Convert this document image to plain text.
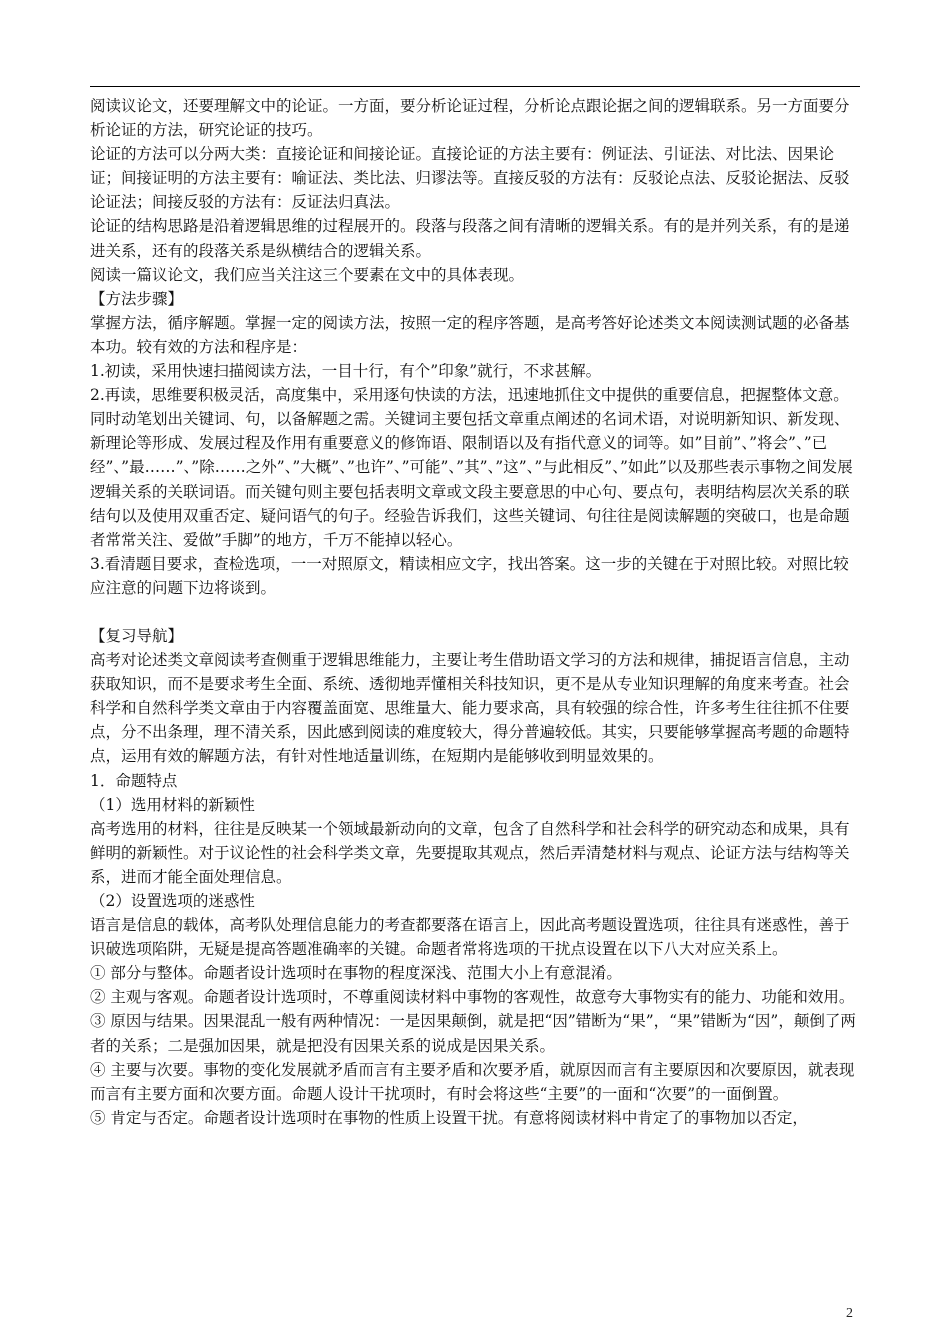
阅读议论文，还要理解文中的论证。一方面，要分析论证过程，分析论点跟论据之间的逻辑联系。另一方面要分析论证的方法，研究论证的技巧。

论证的方法可以分两大类：直接论证和间接论证。直接论证的方法主要有：例证法、引证法、对比法、因果论证；间接证明的方法主要有：喻证法、类比法、归谬法等。直接反驳的方法有：反驳论点法、反驳论据法、反驳论证法；间接反驳的方法有：反证法归真法。

论证的结构思路是沿着逻辑思维的过程展开的。段落与段落之间有清晰的逻辑关系。有的是并列关系，有的是递进关系，还有的段落关系是纵横结合的逻辑关系。

阅读一篇议论文，我们应当关注这三个要素在文中的具体表现。

【方法步骤】

掌握方法，循序解题。掌握一定的阅读方法，按照一定的程序答题，是高考答好论述类文本阅读测试题的必备基本功。较有效的方法和程序是：

1.初读，采用快速扫描阅读方法，一目十行，有个”印象”就行，不求甚解。

2.再读，思维要积极灵活，高度集中，采用逐句快读的方法，迅速地抓住文中提供的重要信息，把握整体文意。同时动笔划出关键词、句，以备解题之需。关键词主要包括文章重点阐述的名词术语，对说明新知识、新发现、新理论等形成、发展过程及作用有重要意义的修饰语、限制语以及有指代意义的词等。如”目前”、”将会”、”已经”、”最……”、”除……之外”、”大概”、”也许”、”可能”、”其”、”这”、”与此相反”、”如此”以及那些表示事物之间发展逻辑关系的关联词语。而关键句则主要包括表明文章或文段主要意思的中心句、要点句，表明结构层次关系的联结句以及使用双重否定、疑问语气的句子。经验告诉我们，这些关键词、句往往是阅读解题的突破口，也是命题者常常关注、爱做”手脚”的地方，千万不能掉以轻心。

3.看清题目要求，查检选项，一一对照原文，精读相应文字，找出答案。这一步的关键在于对照比较。对照比较应注意的问题下边将谈到。

【复习导航】

高考对论述类文章阅读考查侧重于逻辑思维能力，主要让考生借助语文学习的方法和规律，捕捉语言信息，主动获取知识，而不是要求考生全面、系统、透彻地弄懂相关科技知识，更不是从专业知识理解的角度来考查。社会科学和自然科学类文章由于内容覆盖面宽、思维量大、能力要求高，具有较强的综合性，许多考生往往抓不住要点，分不出条理，理不清关系，因此感到阅读的难度较大，得分普遍较低。其实，只要能够掌握高考题的命题特点，运用有效的解题方法，有针对性地适量训练，在短期内是能够收到明显效果的。

1．命题特点

（1）选用材料的新颖性

高考选用的材料，往往是反映某一个领域最新动向的文章，包含了自然科学和社会科学的研究动态和成果，具有鲜明的新颖性。对于议论性的社会科学类文章，先要提取其观点，然后弄清楚材料与观点、论证方法与结构等关系，进而才能全面处理信息。

（2）设置选项的迷惑性

语言是信息的载体，高考队处理信息能力的考查都要落在语言上，因此高考题设置选项，往往具有迷惑性，善于识破选项陷阱，无疑是提高答题准确率的关键。命题者常将选项的干扰点设置在以下八大对应关系上。

① 部分与整体。命题者设计选项时在事物的程度深浅、范围大小上有意混淆。

② 主观与客观。命题者设计选项时，不尊重阅读材料中事物的客观性，故意夸大事物实有的能力、功能和效用。

③ 原因与结果。因果混乱一般有两种情况：一是因果颠倒，就是把“因”错断为“果”，“果”错断为“因”，颠倒了两者的关系；二是强加因果，就是把没有因果关系的说成是因果关系。

④ 主要与次要。事物的变化发展就矛盾而言有主要矛盾和次要矛盾，就原因而言有主要原因和次要原因，就表现而言有主要方面和次要方面。命题人设计干扰项时，有时会将这些“主要”的一面和“次要”的一面倒置。

⑤ 肯定与否定。命题者设计选项时在事物的性质上设置干扰。有意将阅读材料中肯定了的事物加以否定，

2
